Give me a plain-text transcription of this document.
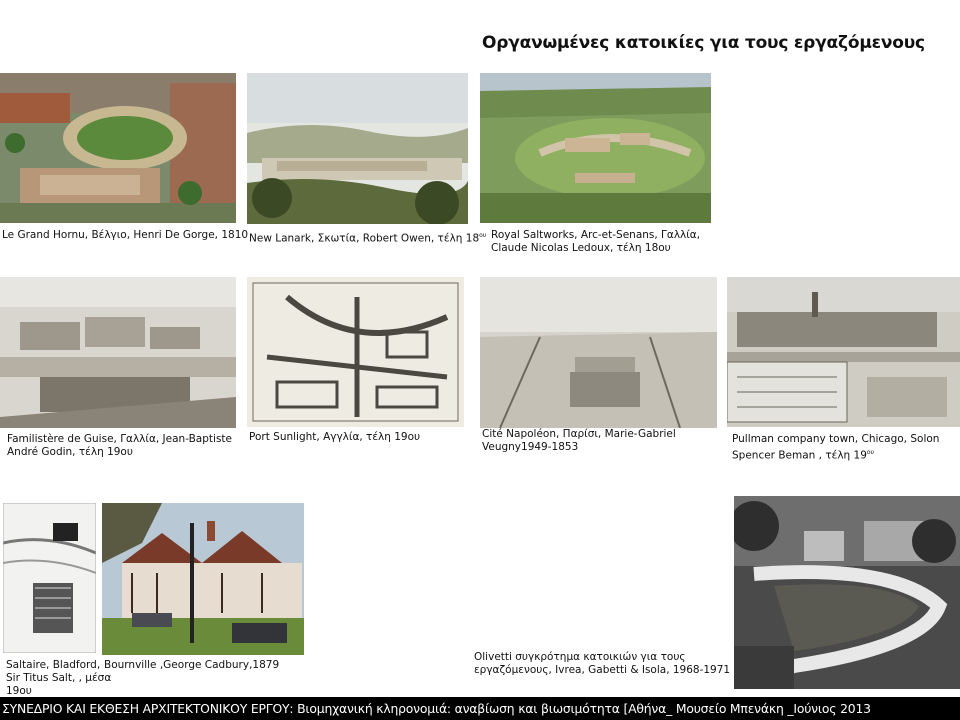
Οργανωμένες κατοικίες για τους εργαζόμενους
Le Grand Hornu, Βέλγιο, Henri De Gorge, 1810 New Lanark, Σκωτία, Robert Owen, τέλη $18^{o\upsilon}$ Royal Saltworks, Arc-et-Senans, Γαλλία,
Claude Nicolas Ledoux, τέλη 18ου
Familistère de Guise, Γαλλία, Jean-Baptiste
André Godin, τέλη 19ου
Port Sunlight, Αγγλία, τέλη 19ου	Cité Napoléon, Παρίσι, Marie-Gabriel
Veugny1949-1853
Pullman company town, Chicago, Solon
Spencer Beman , τέλη $19^{o\upsilon}$
Saltaire, Bladford,
Sir Titus Salt, , μέσα
19ου
Bournville ,George Cadbury,1879
Olivetti συγκρότημα κατοικιών για τους
εργαζόμενους, Ivrea, Gabetti & Isola, 1968-1971
ΣΥΝΕΔΡΙΟ ΚΑΙ ΕΚΘΕΣΗ ΑΡΧΙΤΕΚΤΟΝΙΚΟΥ ΕΡΓΟΥ: Βιομηχανική κληρονομιά: αναβίωση και βιωσιμότητα [Αθήνα_ Μουσείο Μπενάκη _Ιούνιος 2013
